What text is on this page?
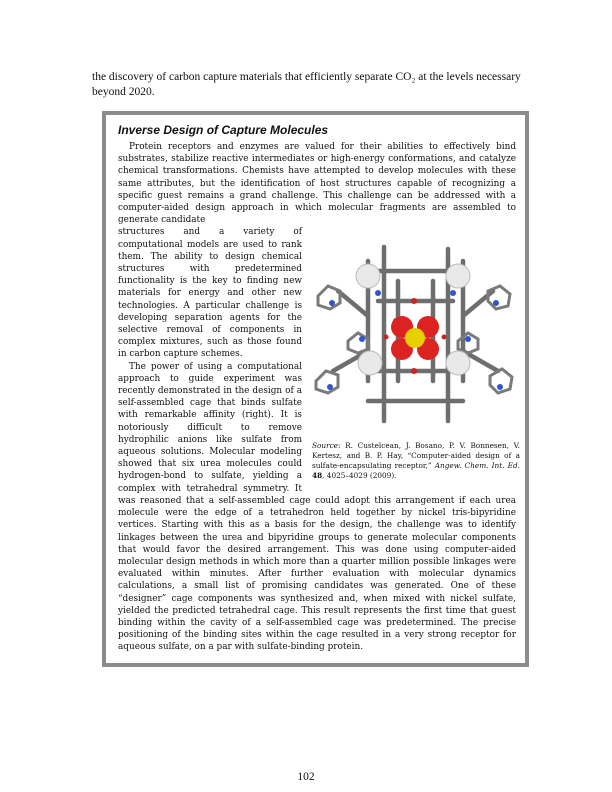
the discovery of carbon capture materials that efficiently separate CO₂ at the levels necessary beyond 2020.

Inverse Design of Capture Molecules

Protein receptors and enzymes are valued for their abilities to effectively bind substrates, stabilize reactive intermediates or high-energy conformations, and catalyze chemical transformations. Chemists have attempted to develop molecules with these same attributes, but the identification of host structures capable of recognizing a specific guest remains a grand challenge. This challenge can be addressed with a computer-aided design approach in which molecular fragments are assembled to generate candidate

Source: R. Custelcean, J. Bosano, P. V. Bonnesen, V. Kertesz, and B. P. Hay, “Computer-aided design of a sulfate-encapsulating receptor,” Angew. Chem. Int. Ed. 48, 4025–4029 (2009).

structures and a variety of computational models are used to rank them. The ability to design chemical structures with predetermined functionality is the key to finding new materials for energy and other new technologies. A particular challenge is developing separation agents for the selective removal of components in complex mixtures, such as those found in carbon capture schemes.

The power of using a computational approach to guide experiment was recently demonstrated in the design of a self-assembled cage that binds sulfate with remarkable affinity (right). It is notoriously difficult to remove hydrophilic anions like sulfate from aqueous solutions. Molecular modeling showed that six urea molecules could hydrogen-bond to sulfate, yielding a complex with tetrahedral symmetry. It was reasoned that a self-assembled cage could adopt this arrangement if each urea molecule were the edge of a tetrahedron held together by nickel tris-bipyridine vertices. Starting with this as a basis for the design, the challenge was to identify linkages between the urea and bipyridine groups to generate molecular components that would favor the desired arrangement. This was done using computer-aided molecular design methods in which more than a quarter million possible linkages were evaluated within minutes. After further evaluation with molecular dynamics calculations, a small list of promising candidates was generated. One of these “designer” cage components was synthesized and, when mixed with nickel sulfate, yielded the predicted tetrahedral cage. This result represents the first time that guest binding within the cavity of a self-assembled cage was predetermined. The precise positioning of the binding sites within the cage resulted in a very strong receptor for aqueous sulfate, on a par with sulfate-binding protein.

102
